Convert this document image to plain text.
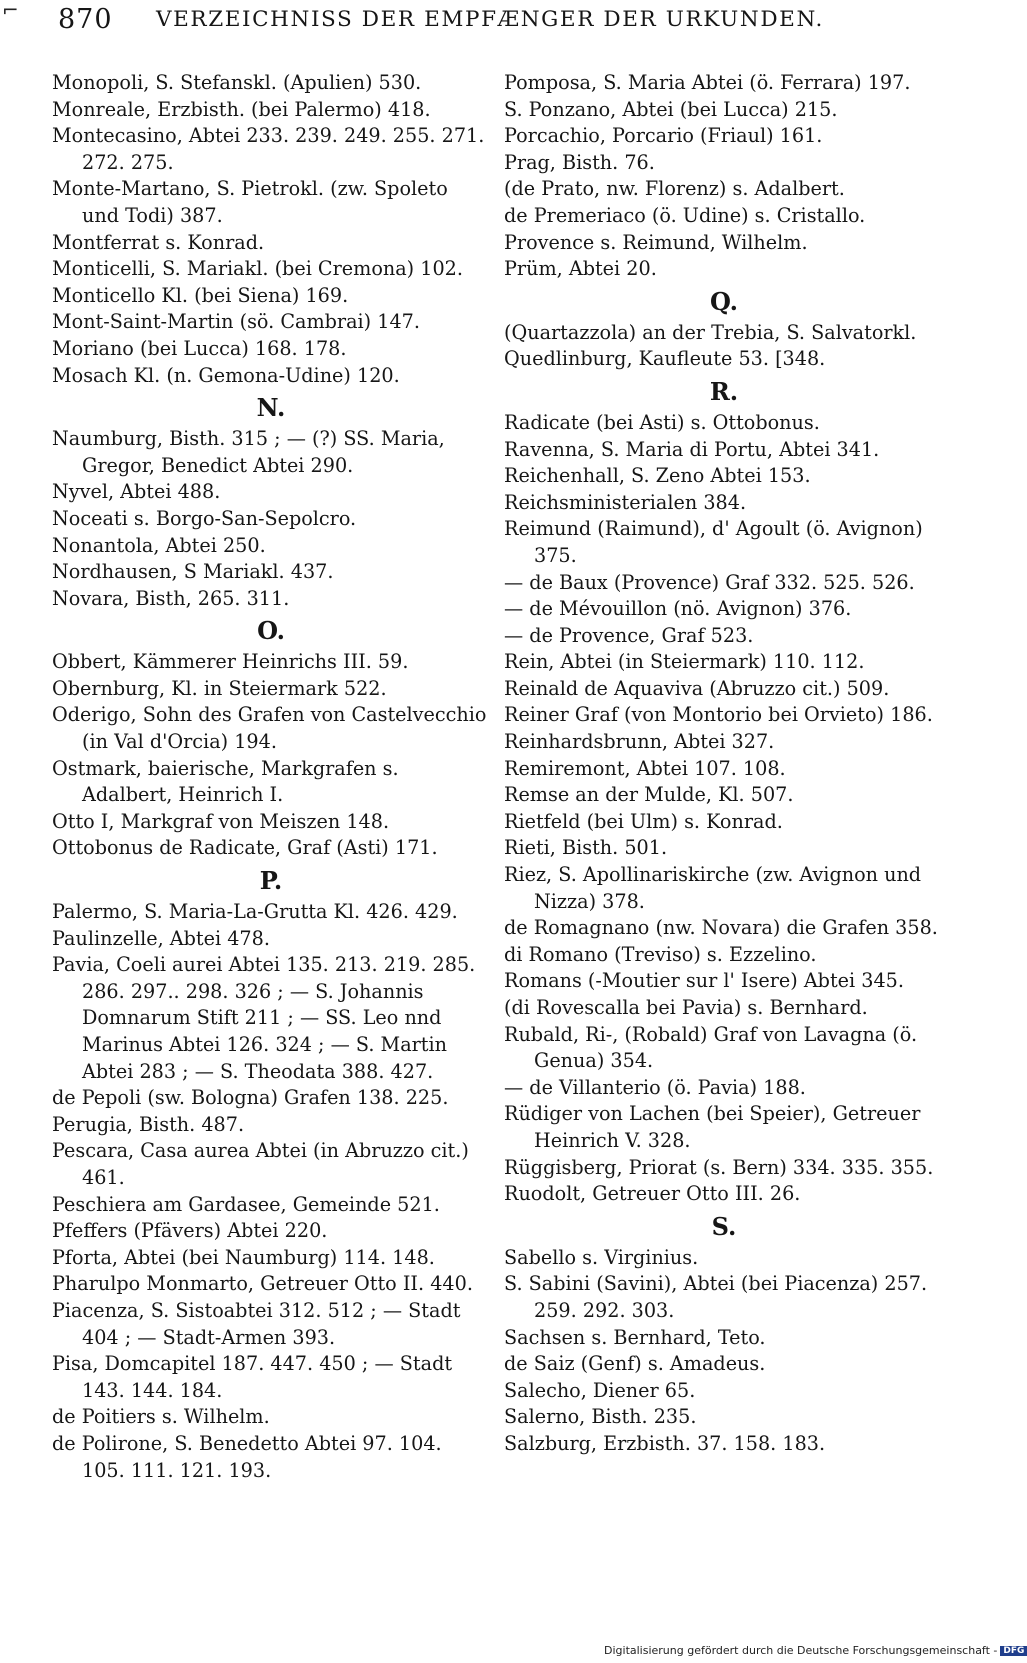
⌐ 870 VERZEICHNISS DER EMPFÆNGER DER URKUNDEN.
Monopoli, S. Stefanskl. (Apulien) 530.
Monreale, Erzbisth. (bei Palermo) 418.
Montecasino, Abtei 233. 239. 249. 255. 271. 272. 275.
Monte-Martano, S. Pietrokl. (zw. Spoleto und Todi) 387.
Montferrat s. Konrad.
Monticelli, S. Mariakl. (bei Cremona) 102.
Monticello Kl. (bei Siena) 169.
Mont-Saint-Martin (sö. Cambrai) 147.
Moriano (bei Lucca) 168. 178.
Mosach Kl. (n. Gemona-Udine) 120.
N.
Naumburg, Bisth. 315 ; — (?) SS. Maria, Gregor, Benedict Abtei 290.
Nyvel, Abtei 488.
Noceati s. Borgo-San-Sepolcro.
Nonantola, Abtei 250.
Nordhausen, S Mariakl. 437.
Novara, Bisth, 265. 311.
O.
Obbert, Kämmerer Heinrichs III. 59.
Obernburg, Kl. in Steiermark 522.
Oderigo, Sohn des Grafen von Castelvecchio (in Val d'Orcia) 194.
Ostmark, baierische, Markgrafen s. Adalbert, Heinrich I.
Otto I, Markgraf von Meiszen 148.
Ottobonus de Radicate, Graf (Asti) 171.
P.
Palermo, S. Maria-La-Grutta Kl. 426. 429.
Paulinzelle, Abtei 478.
Pavia, Coeli aurei Abtei 135. 213. 219. 285. 286. 297.. 298. 326 ; — S. Johannis Domnarum Stift 211 ; — SS. Leo nnd Marinus Abtei 126. 324 ; — S. Martin Abtei 283 ; — S. Theodata 388. 427.
de Pepoli (sw. Bologna) Grafen 138. 225.
Perugia, Bisth. 487.
Pescara, Casa aurea Abtei (in Abruzzo cit.) 461.
Peschiera am Gardasee, Gemeinde 521.
Pfeffers (Pfävers) Abtei 220.
Pforta, Abtei (bei Naumburg) 114. 148.
Pharulpo Monmarto, Getreuer Otto II. 440.
Piacenza, S. Sistoabtei 312. 512 ; — Stadt 404 ; — Stadt-Armen 393.
Pisa, Domcapitel 187. 447. 450 ; — Stadt 143. 144. 184.
de Poitiers s. Wilhelm.
de Polirone, S. Benedetto Abtei 97. 104. 105. 111. 121. 193.
Pomposa, S. Maria Abtei (ö. Ferrara) 197.
S. Ponzano, Abtei (bei Lucca) 215.
Porcachio, Porcario (Friaul) 161.
Prag, Bisth. 76.
(de Prato, nw. Florenz) s. Adalbert.
de Premeriaco (ö. Udine) s. Cristallo.
Provence s. Reimund, Wilhelm.
Prüm, Abtei 20.
Q.
(Quartazzola) an der Trebia, S. Salvatorkl.
Quedlinburg, Kaufleute 53. [348.
R.
Radicate (bei Asti) s. Ottobonus.
Ravenna, S. Maria di Portu, Abtei 341.
Reichenhall, S. Zeno Abtei 153.
Reichsministerialen 384.
Reimund (Raimund), d' Agoult (ö. Avignon) 375.
— de Baux (Provence) Graf 332. 525. 526.
— de Mévouillon (nö. Avignon) 376.
— de Provence, Graf 523.
Rein, Abtei (in Steiermark) 110. 112.
Reinald de Aquaviva (Abruzzo cit.) 509.
Reiner Graf (von Montorio bei Orvieto) 186.
Reinhardsbrunn, Abtei 327.
Remiremont, Abtei 107. 108.
Remse an der Mulde, Kl. 507.
Rietfeld (bei Ulm) s. Konrad.
Rieti, Bisth. 501.
Riez, S. Apollinariskirche (zw. Avignon und Nizza) 378.
de Romagnano (nw. Novara) die Grafen 358.
di Romano (Treviso) s. Ezzelino.
Romans (-Moutier sur l' Isere) Abtei 345.
(di Rovescalla bei Pavia) s. Bernhard.
Rubald, Ri-, (Robald) Graf von Lavagna (ö. Genua) 354.
— de Villanterio (ö. Pavia) 188.
Rüdiger von Lachen (bei Speier), Getreuer Heinrich V. 328.
Rüggisberg, Priorat (s. Bern) 334. 335. 355.
Ruodolt, Getreuer Otto III. 26.
S.
Sabello s. Virginius.
S. Sabini (Savini), Abtei (bei Piacenza) 257. 259. 292. 303.
Sachsen s. Bernhard, Teto.
de Saiz (Genf) s. Amadeus.
Salecho, Diener 65.
Salerno, Bisth. 235.
Salzburg, Erzbisth. 37. 158. 183.
Digitalisierung gefördert durch die Deutsche Forschungsgemeinschaft - DFG
